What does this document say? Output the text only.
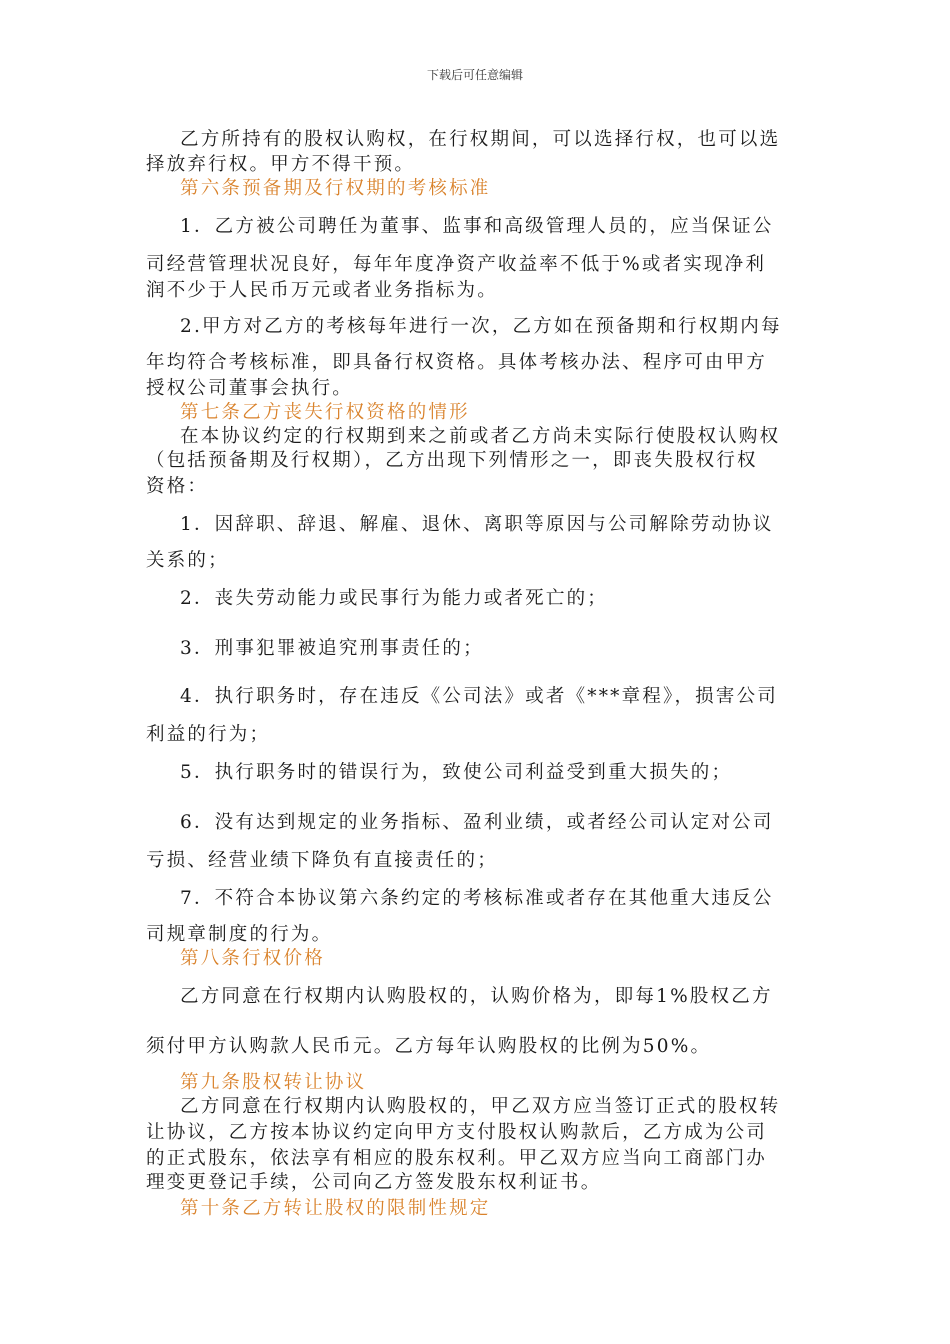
下载后可任意编辑
乙方所持有的股权认购权，在行权期间，可以选择行权，也可以选
择放弃行权。甲方不得干预。
第六条预备期及行权期的考核标准
1．乙方被公司聘任为董事、监事和高级管理人员的，应当保证公
司经营管理状况良好，每年年度净资产收益率不低于%或者实现净利
润不少于人民币万元或者业务指标为。
2.甲方对乙方的考核每年进行一次，乙方如在预备期和行权期内每
年均符合考核标准，即具备行权资格。具体考核办法、程序可由甲方
授权公司董事会执行。
第七条乙方丧失行权资格的情形
在本协议约定的行权期到来之前或者乙方尚未实际行使股权认购权
（包括预备期及行权期），乙方出现下列情形之一，即丧失股权行权
资格：
1．因辞职、辞退、解雇、退休、离职等原因与公司解除劳动协议
关系的；
2．丧失劳动能力或民事行为能力或者死亡的；
3．刑事犯罪被追究刑事责任的；
4．执行职务时，存在违反《公司法》或者《***章程》，损害公司
利益的行为；
5．执行职务时的错误行为，致使公司利益受到重大损失的；
6．没有达到规定的业务指标、盈利业绩，或者经公司认定对公司
亏损、经营业绩下降负有直接责任的；
7．不符合本协议第六条约定的考核标准或者存在其他重大违反公
司规章制度的行为。
第八条行权价格
乙方同意在行权期内认购股权的，认购价格为，即每1%股权乙方
须付甲方认购款人民币元。乙方每年认购股权的比例为50%。
第九条股权转让协议
乙方同意在行权期内认购股权的，甲乙双方应当签订正式的股权转
让协议，乙方按本协议约定向甲方支付股权认购款后，乙方成为公司
的正式股东，依法享有相应的股东权利。甲乙双方应当向工商部门办
理变更登记手续，公司向乙方签发股东权利证书。
第十条乙方转让股权的限制性规定
